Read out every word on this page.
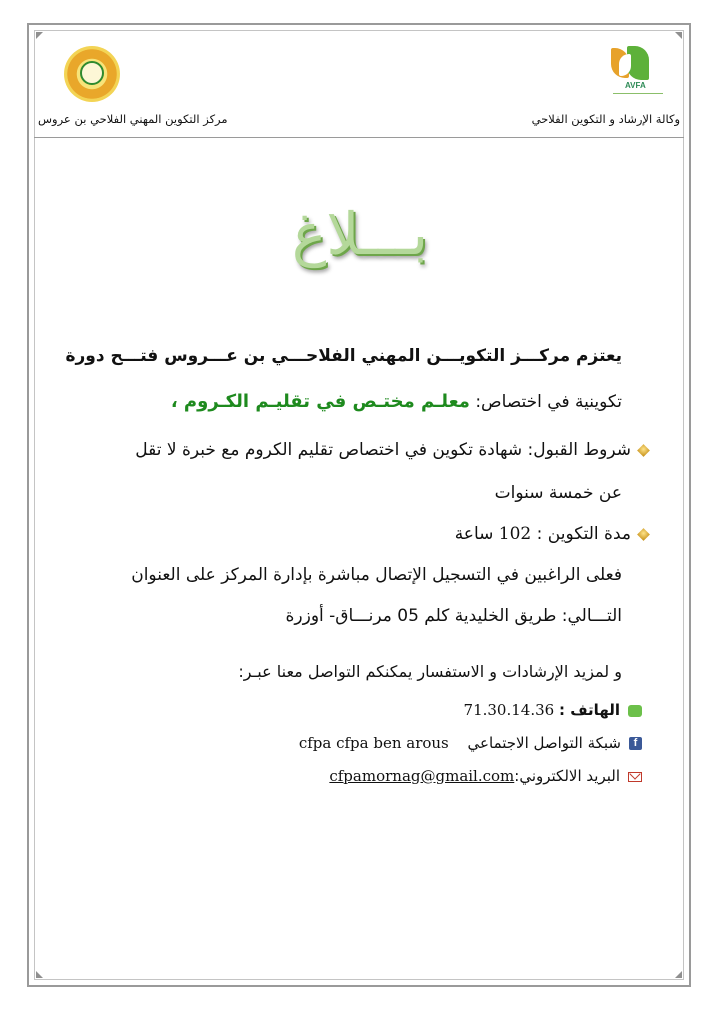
AVFA
مركز التكوين المهني الفلاحي بن عروس	وكالة الإرشاد و التكوين الفلاحي
بـــلاغ
يعتزم مركـــز التكويـــن المهني الفلاحـــي بن عـــروس فتـــح دورة
تكوينية في اختصاص: معلـم مختـص في تقليـم الكـروم ،
شروط القبول: شهادة تكوين في اختصاص تقليم الكروم مع خبرة لا تقل
عن خمسة سنوات
مدة التكوين : 102 ساعة
فعلى الراغبين في التسجيل الإتصال مباشرة بإدارة المركز على العنوان
التـــالي: طريق الخليدية كلم 05 مرنـــاق- أوزرة
و لمزيد الإرشادات و الاستفسار يمكنكم التواصل معنا عبـر:
الهاتف : 71.30.14.36
fشبكة التواصل الاجتماعي cfpa cfpa ben arous
البريد الالكتروني:cfpamornag@gmail.com
